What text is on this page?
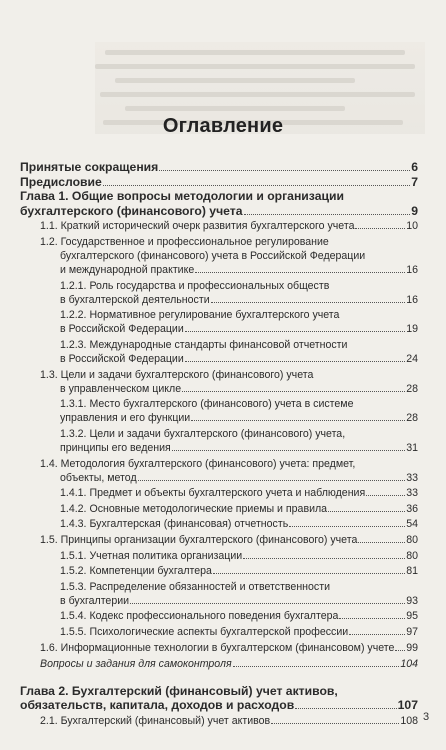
Оглавление
Принятые сокращения	6
Предисловие	7
Глава 1. Общие вопросы методологии и организации
бухгалтерского (финансового) учета	9
1.1. Краткий исторический очерк развития бухгалтерского учета	10
1.2. Государственное и профессиональное регулирование
бухгалтерского (финансового) учета в Российской Федерации
и международной практике	16
1.2.1. Роль государства и профессиональных обществ
в бухгалтерской деятельности	16
1.2.2. Нормативное регулирование бухгалтерского учета
в Российской Федерации	19
1.2.3. Международные стандарты финансовой отчетности
в Российской Федерации	24
1.3. Цели и задачи бухгалтерского (финансового) учета
в управленческом цикле	28
1.3.1. Место бухгалтерского (финансового) учета в системе
управления и его функции	28
1.3.2. Цели и задачи бухгалтерского (финансового) учета,
принципы его ведения	31
1.4. Методология бухгалтерского (финансового) учета: предмет,
объекты, метод	33
1.4.1. Предмет и объекты бухгалтерского учета и наблюдения	33
1.4.2. Основные методологические приемы и правила	36
1.4.3. Бухгалтерская (финансовая) отчетность	54
1.5. Принципы организации бухгалтерского (финансового) учета	80
1.5.1. Учетная политика организации	80
1.5.2. Компетенции бухгалтера	81
1.5.3. Распределение обязанностей и ответственности
в бухгалтерии	93
1.5.4. Кодекс профессионального поведения бухгалтера	95
1.5.5. Психологические аспекты бухгалтерской профессии	97
1.6. Информационные технологии в бухгалтерском (финансовом) учете 99
Вопросы и задания для самоконтроля	104
Глава 2. Бухгалтерский (финансовый) учет активов,
обязательств, капитала, доходов и расходов	107
2.1. Бухгалтерский (финансовый) учет активов	108 3
